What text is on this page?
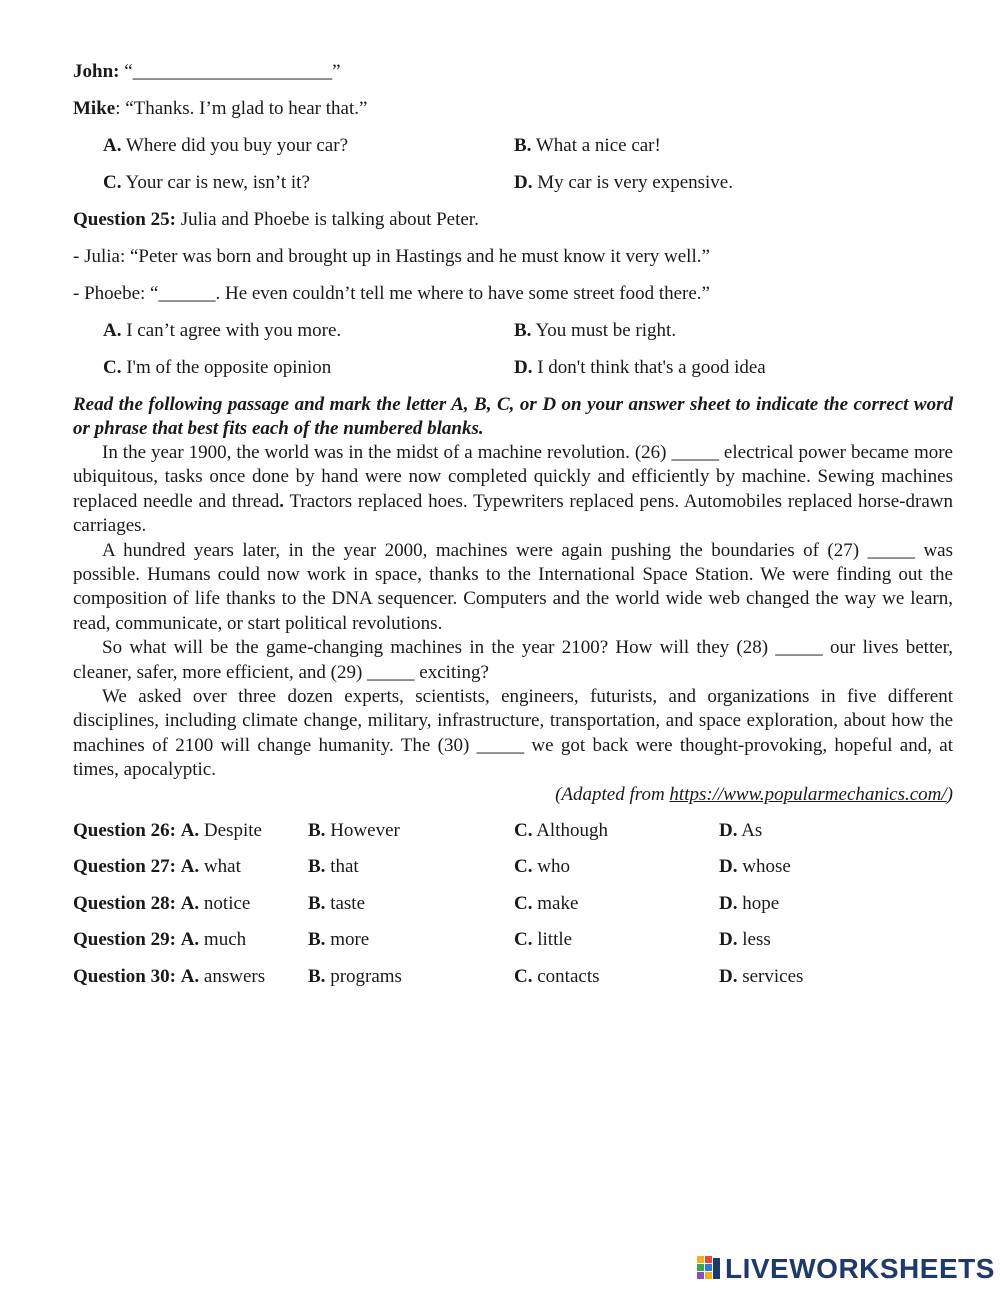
John: “_____________________”
Mike: “Thanks. I’m glad to hear that.”
A. Where did you buy your car?	B. What a nice car!
C. Your car is new, isn’t it?	D. My car is very expensive.
Question 25: Julia and Phoebe is talking about Peter.
- Julia: “Peter was born and brought up in Hastings and he must know it very well.”
- Phoebe: “______. He even couldn’t tell me where to have some street food there.”
A. I can’t agree with you more.	B. You must be right.
C. I'm of the opposite opinion	D. I don't think that's a good idea
Read the following passage and mark the letter A, B, C, or D on your answer sheet to indicate the correct word or phrase that best fits each of the numbered blanks.

In the year 1900, the world was in the midst of a machine revolution. (26) _____ electrical power became more ubiquitous, tasks once done by hand were now completed quickly and efficiently by machine. Sewing machines replaced needle and thread. Tractors replaced hoes. Typewriters replaced pens. Automobiles replaced horse-drawn carriages.

A hundred years later, in the year 2000, machines were again pushing the boundaries of (27) _____ was possible. Humans could now work in space, thanks to the International Space Station. We were finding out the composition of life thanks to the DNA sequencer. Computers and the world wide web changed the way we learn, read, communicate, or start political revolutions.

So what will be the game-changing machines in the year 2100? How will they (28) _____ our lives better, cleaner, safer, more efficient, and (29) _____ exciting?

We asked over three dozen experts, scientists, engineers, futurists, and organizations in five different disciplines, including climate change, military, infrastructure, transportation, and space exploration, about how the machines of 2100 will change humanity. The (30) _____ we got back were thought-provoking, hopeful and, at times, apocalyptic.

(Adapted from https://www.popularmechanics.com/)
Question 26: A. Despite	B. However	C. Although	D. As
Question 27: A. what	B. that	C. who	D. whose
Question 28: A. notice	B. taste	C. make	D. hope
Question 29: A. much	B. more	C. little	D. less
Question 30: A. answers	B. programs	C. contacts	D. services
LIVEWORKSHEETS
